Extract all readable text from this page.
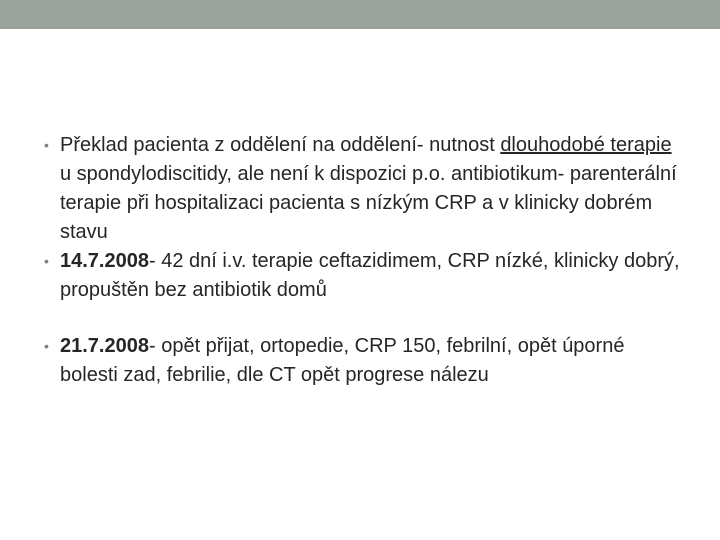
• Překlad pacienta z oddělení na oddělení- nutnost dlouhodobé terapie u spondylodiscitidy, ale není k dispozici p.o. antibiotikum- parenterální terapie při hospitalizaci pacienta s nízkým CRP a v klinicky dobrém stavu
• 14.7.2008- 42 dní i.v. terapie ceftazidimem, CRP nízké, klinicky dobrý, propuštěn bez antibiotik domů
• 21.7.2008- opět přijat, ortopedie, CRP 150, febrilní, opět úporné bolesti zad, febrilie, dle CT opět progrese nálezu
